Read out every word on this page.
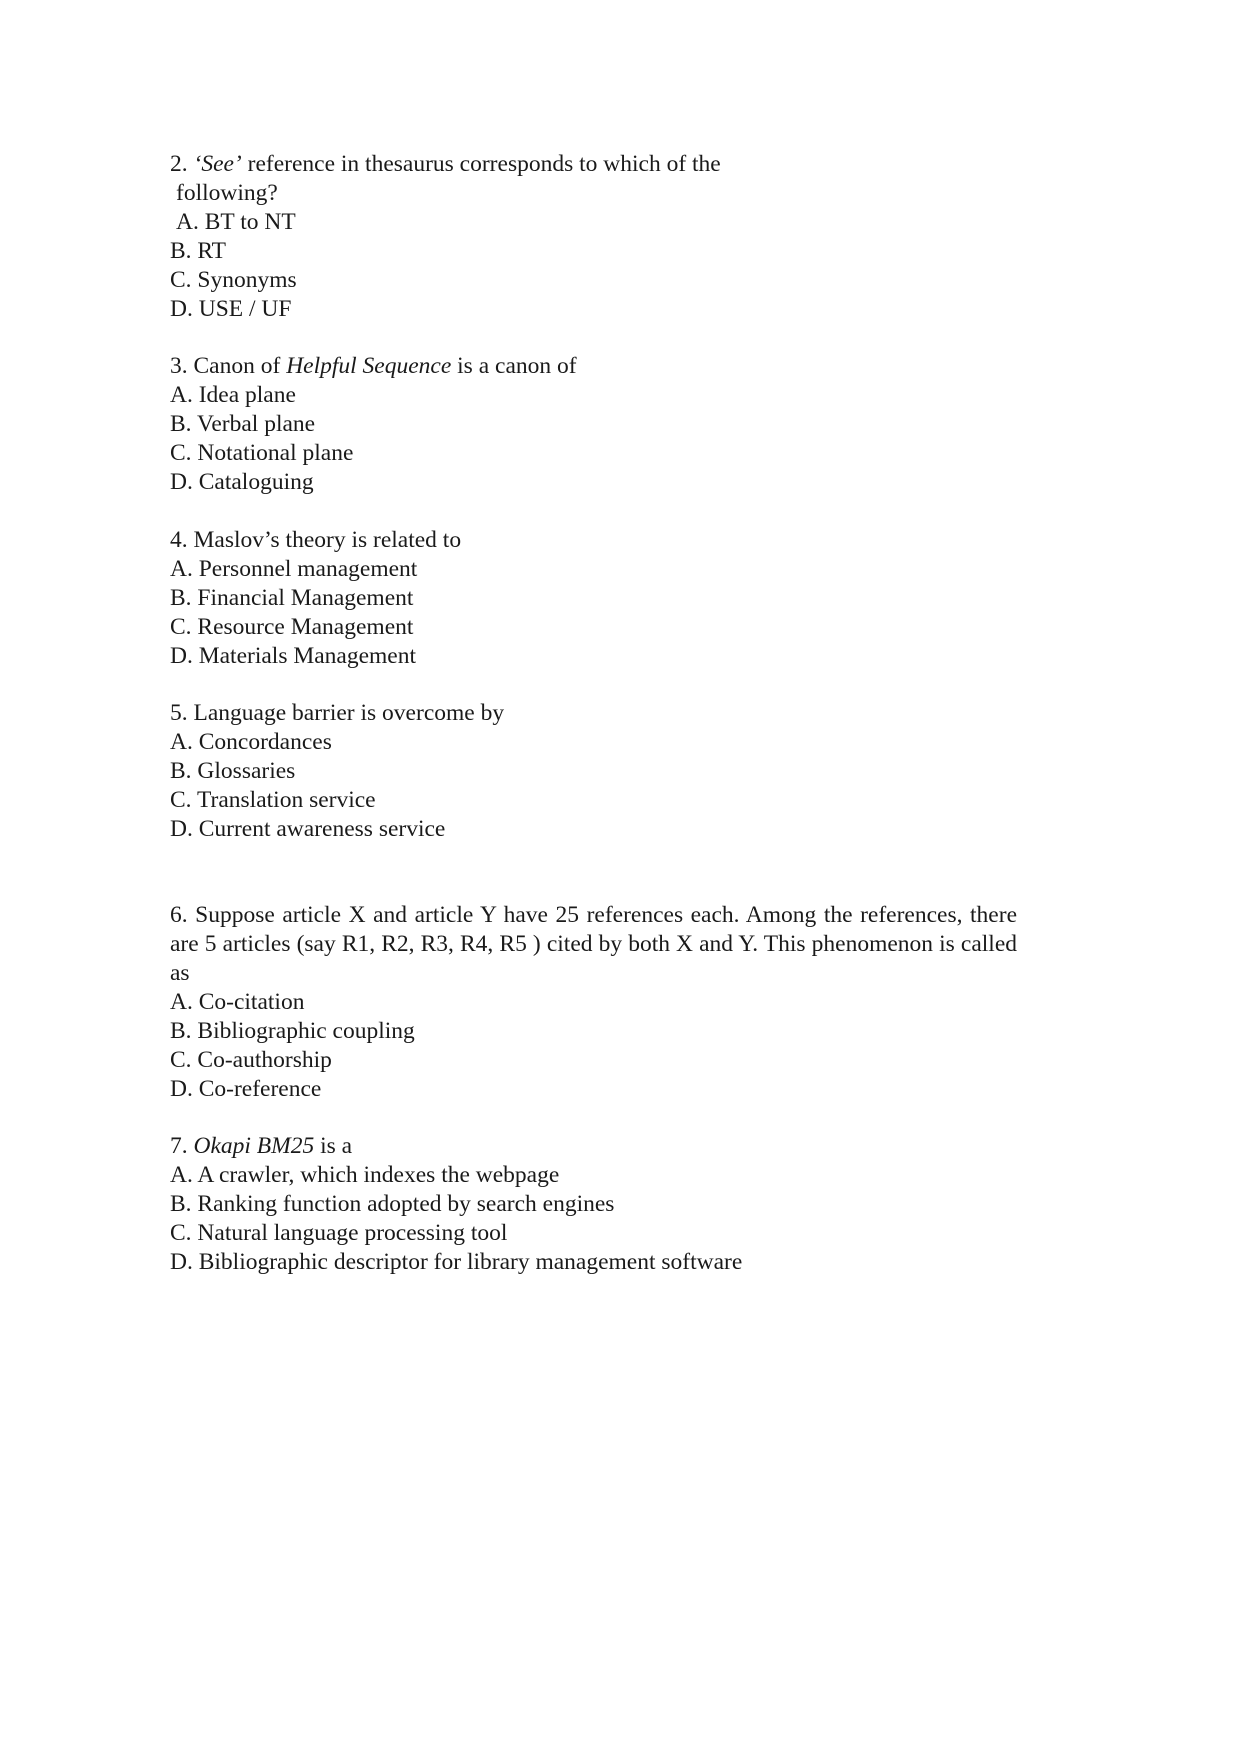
2. ‘See’ reference in thesaurus corresponds to which of the
following?
A. BT to NT
B. RT
C. Synonyms
D. USE / UF
3. Canon of Helpful Sequence is a canon of
A. Idea plane
B. Verbal plane
C. Notational plane
D. Cataloguing
4. Maslov’s theory is related to
A. Personnel management
B. Financial Management
C. Resource Management
D. Materials Management
5. Language barrier is overcome by
A. Concordances
B. Glossaries
C. Translation service
D. Current awareness service
6. Suppose article X and article Y have 25 references each. Among the references, there are 5 articles (say R1, R2, R3, R4, R5 ) cited by both X and Y. This phenomenon is called as
A. Co-citation
B. Bibliographic coupling
C. Co-authorship
D. Co-reference
7. Okapi BM25 is a
A. A crawler, which indexes the webpage
B. Ranking function adopted by search engines
C. Natural language processing tool
D. Bibliographic descriptor for library management software
